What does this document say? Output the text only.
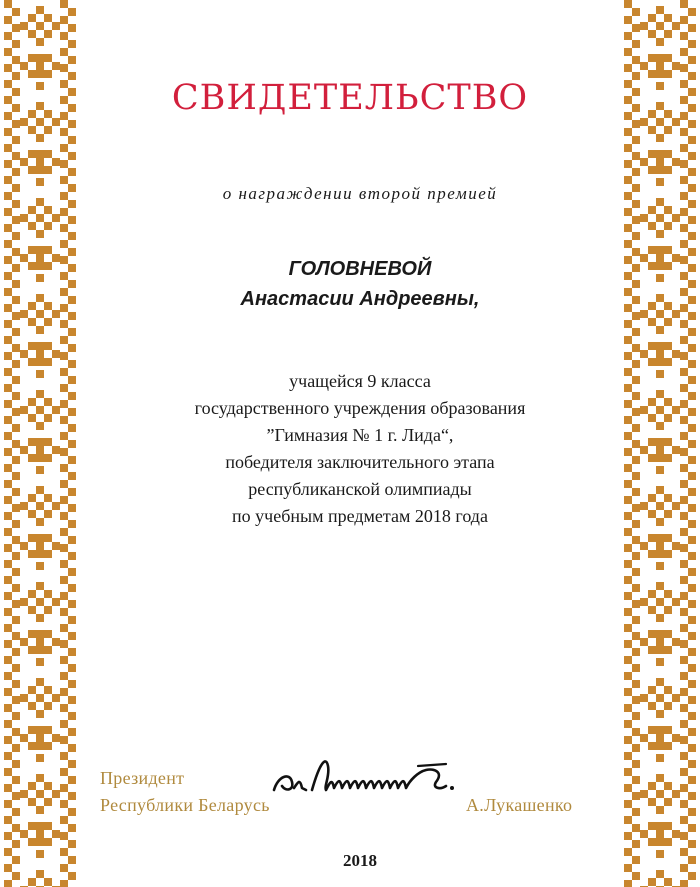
СВИДЕТЕЛЬСТВО
о награждении второй премией
ГОЛОВНЕВОЙ
Анастасии Андреевны,
учащейся 9 класса
государственного учреждения образования
”Гимназия № 1 г. Лида“,
победителя заключительного этапа
республиканской олимпиады
по учебным предметам 2018 года
Президент
Республики Беларусь	А.Лукашенко
2018
